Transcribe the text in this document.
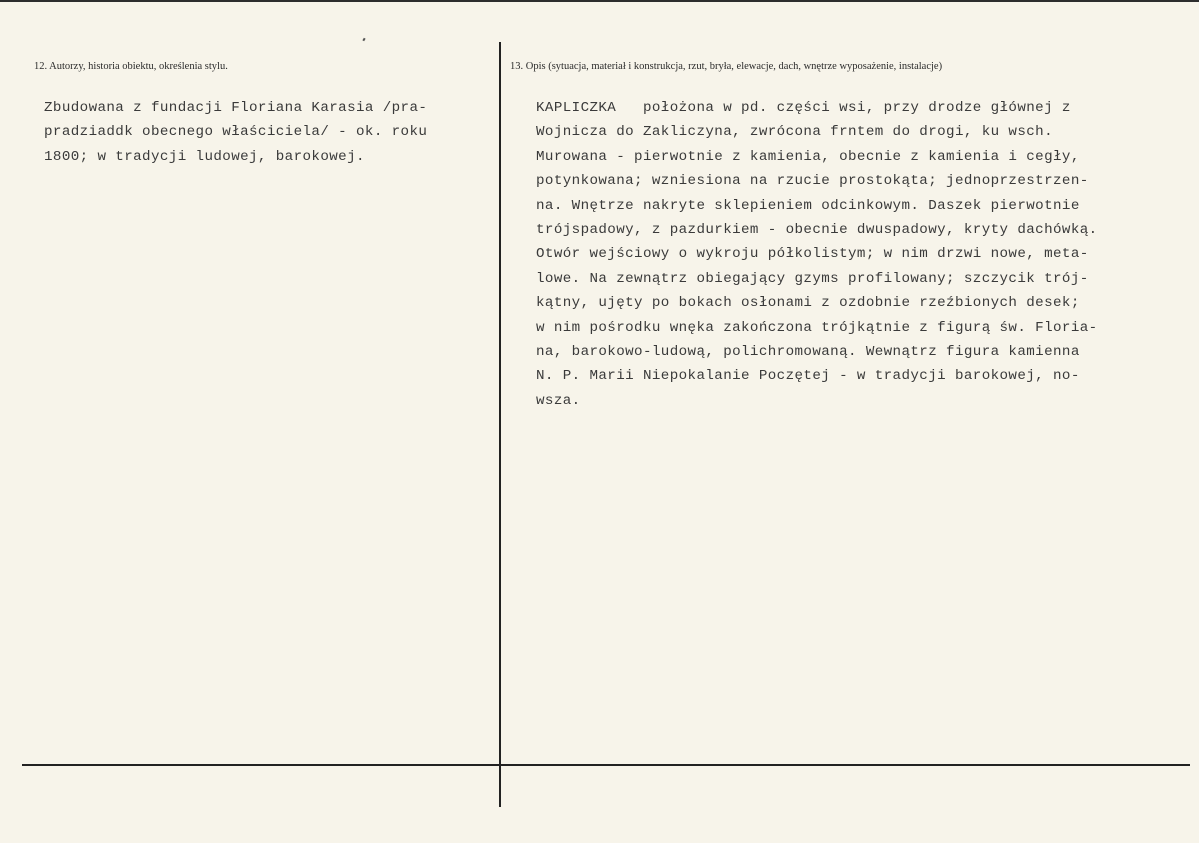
12. Autorzy, historia obiektu, określenia stylu.	13. Opis (sytuacja, materiał i konstrukcja, rzut, bryła, elewacje, dach, wnętrze wyposażenie, instalacje)
Zbudowana z fundacji Floriana Karasia /pra-
pradziaddk obecnego właściciela/ - ok. roku
1800; w tradycji ludowej, barokowej.
KAPLICZKA   położona w pd. części wsi, przy drodze głównej z
Wojnicza do Zakliczyna, zwrócona frntem do drogi, ku wsch.
Murowana - pierwotnie z kamienia, obecnie z kamienia i cegły,
potynkowana; wzniesiona na rzucie prostokąta; jednoprzestrzen-
na. Wnętrze nakryte sklepieniem odcinkowym. Daszek pierwotnie
trójspadowy, z pazdurkiem - obecnie dwuspadowy, kryty dachówką.
Otwór wejściowy o wykroju półkolistym; w nim drzwi nowe, meta-
lowe. Na zewnątrz obiegający gzyms profilowany; szczycik trój-
kątny, ujęty po bokach osłonami z ozdobnie rzeźbionych desek;
w nim pośrodku wnęka zakończona trójkątnie z figurą św. Floria-
na, barokowo-ludową, polichromowaną. Wewnątrz figura kamienna
N. P. Marii Niepokalanie Poczętej - w tradycji barokowej, no-
wsza.
